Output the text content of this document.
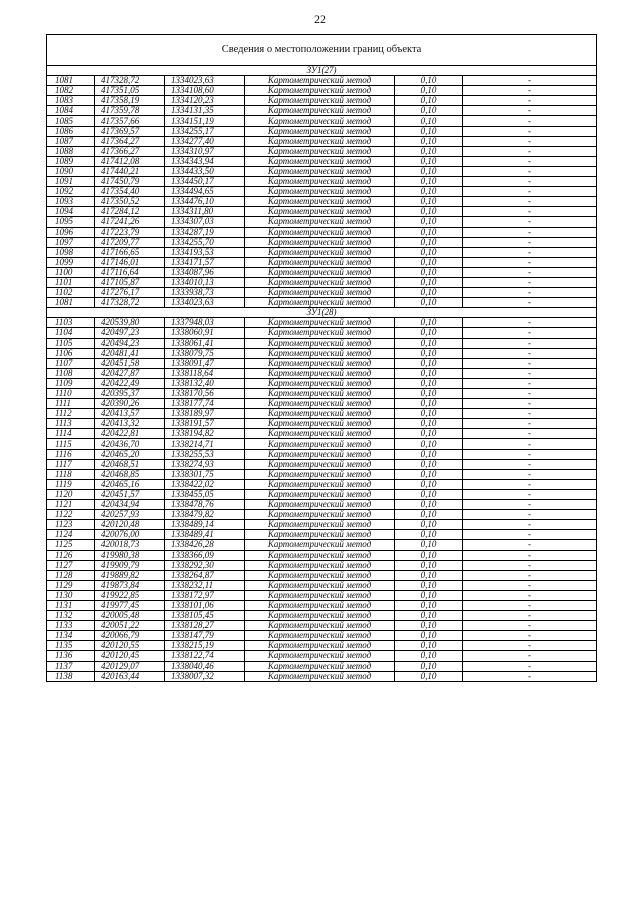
22
Сведения о местоположении границ объекта					
ЗУ1(27)					
1081	417328,72	1334023,63	Картометрический метод	0,10	-
1082	417351,05	1334108,60	Картометрический метод	0,10	-
1083	417358,19	1334120,23	Картометрический метод	0,10	-
1084	417359,78	1334131,35	Картометрический метод	0,10	-
1085	417357,66	1334151,19	Картометрический метод	0,10	-
1086	417369,57	1334255,17	Картометрический метод	0,10	-
1087	417364,27	1334277,40	Картометрический метод	0,10	-
1088	417366,27	1334310,97	Картометрический метод	0,10	-
1089	417412,08	1334343,94	Картометрический метод	0,10	-
1090	417440,21	1334433,50	Картометрический метод	0,10	-
1091	417450,79	1334450,17	Картометрический метод	0,10	-
1092	417354,40	1334494,65	Картометрический метод	0,10	-
1093	417350,52	1334476,10	Картометрический метод	0,10	-
1094	417284,12	1334311,80	Картометрический метод	0,10	-
1095	417241,26	1334307,03	Картометрический метод	0,10	-
1096	417223,79	1334287,19	Картометрический метод	0,10	-
1097	417209,77	1334255,70	Картометрический метод	0,10	-
1098	417166,65	1334193,53	Картометрический метод	0,10	-
1099	417146,01	1334171,57	Картометрический метод	0,10	-
1100	417116,64	1334087,96	Картометрический метод	0,10	-
1101	417105,87	1334010,13	Картометрический метод	0,10	-
1102	417276,17	1333938,73	Картометрический метод	0,10	-
1081	417328,72	1334023,63	Картометрический метод	0,10	-
ЗУ1(28)					
1103	420539,80	1337948,03	Картометрический метод	0,10	-
1104	420497,23	1338060,91	Картометрический метод	0,10	-
1105	420494,23	1338061,41	Картометрический метод	0,10	-
1106	420481,41	1338079,75	Картометрический метод	0,10	-
1107	420451,58	1338091,47	Картометрический метод	0,10	-
1108	420427,87	1338118,64	Картометрический метод	0,10	-
1109	420422,49	1338132,40	Картометрический метод	0,10	-
1110	420395,37	1338170,56	Картометрический метод	0,10	-
1111	420390,26	1338177,74	Картометрический метод	0,10	-
1112	420413,57	1338189,97	Картометрический метод	0,10	-
1113	420413,32	1338191,57	Картометрический метод	0,10	-
1114	420422,81	1338194,82	Картометрический метод	0,10	-
1115	420436,70	1338214,71	Картометрический метод	0,10	-
1116	420465,20	1338255,53	Картометрический метод	0,10	-
1117	420468,51	1338274,93	Картометрический метод	0,10	-
1118	420468,85	1338301,75	Картометрический метод	0,10	-
1119	420465,16	1338422,02	Картометрический метод	0,10	-
1120	420451,57	1338455,05	Картометрический метод	0,10	-
1121	420434,94	1338478,76	Картометрический метод	0,10	-
1122	420257,93	1338479,82	Картометрический метод	0,10	-
1123	420120,48	1338489,14	Картометрический метод	0,10	-
1124	420076,00	1338489,41	Картометрический метод	0,10	-
1125	420018,73	1338426,28	Картометрический метод	0,10	-
1126	419980,38	1338366,09	Картометрический метод	0,10	-
1127	419909,79	1338292,30	Картометрический метод	0,10	-
1128	419889,82	1338264,87	Картометрический метод	0,10	-
1129	419873,84	1338232,11	Картометрический метод	0,10	-
1130	419922,85	1338172,97	Картометрический метод	0,10	-
1131	419977,45	1338101,06	Картометрический метод	0,10	-
1132	420005,48	1338105,45	Картометрический метод	0,10	-
1133	420051,22	1338128,27	Картометрический метод	0,10	-
1134	420066,79	1338147,79	Картометрический метод	0,10	-
1135	420120,55	1338215,19	Картометрический метод	0,10	-
1136	420120,45	1338122,74	Картометрический метод	0,10	-
1137	420129,07	1338040,46	Картометрический метод	0,10	-
1138	420163,44	1338007,32	Картометрический метод	0,10	-
